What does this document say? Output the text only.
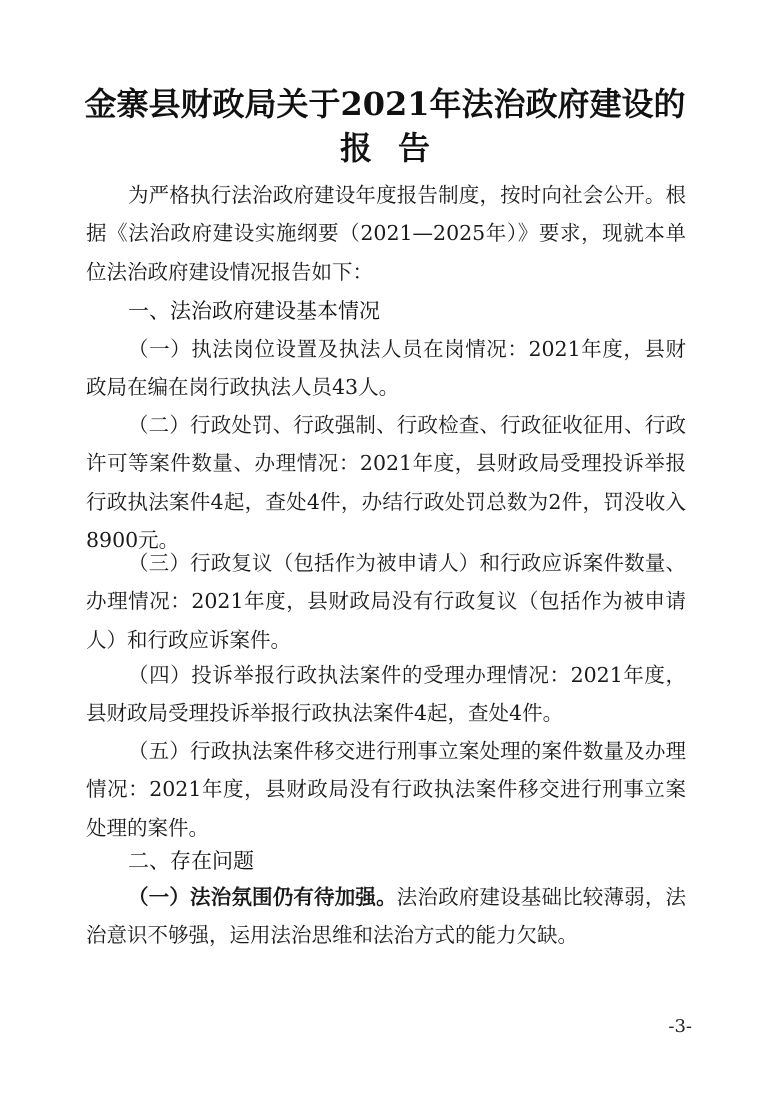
金寨县财政局关于2021年法治政府建设的
报告

为严格执行法治政府建设年度报告制度，按时向社会公开。根据《法治政府建设实施纲要（2021—2025年）》要求，现就本单位法治政府建设情况报告如下：

一、法治政府建设基本情况

（一）执法岗位设置及执法人员在岗情况：2021年度，县财政局在编在岗行政执法人员43人。

（二）行政处罚、行政强制、行政检查、行政征收征用、行政许可等案件数量、办理情况：2021年度，县财政局受理投诉举报行政执法案件4起，查处4件，办结行政处罚总数为2件，罚没收入8900元。

（三）行政复议（包括作为被申请人）和行政应诉案件数量、办理情况：2021年度，县财政局没有行政复议（包括作为被申请人）和行政应诉案件。

（四）投诉举报行政执法案件的受理办理情况：2021年度，县财政局受理投诉举报行政执法案件4起，查处4件。

（五）行政执法案件移交进行刑事立案处理的案件数量及办理情况：2021年度，县财政局没有行政执法案件移交进行刑事立案处理的案件。

二、存在问题

（一）法治氛围仍有待加强。法治政府建设基础比较薄弱，法治意识不够强，运用法治思维和法治方式的能力欠缺。

-3-
